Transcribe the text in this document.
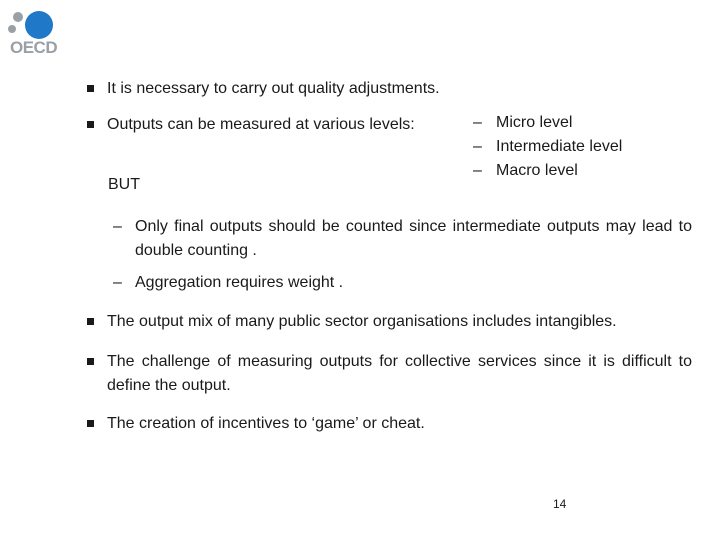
OECD
It is necessary to carry out quality adjustments.
Outputs can be measured at various levels:	– Micro level
– Intermediate level
– Macro level
BUT
– Only final outputs should be counted since intermediate outputs may lead to double counting .
– Aggregation requires weight .
The output mix of many public sector organisations includes intangibles.
The challenge of measuring outputs for collective services since it is difficult to define the output.
The creation of incentives to ‘game’ or cheat.
14
